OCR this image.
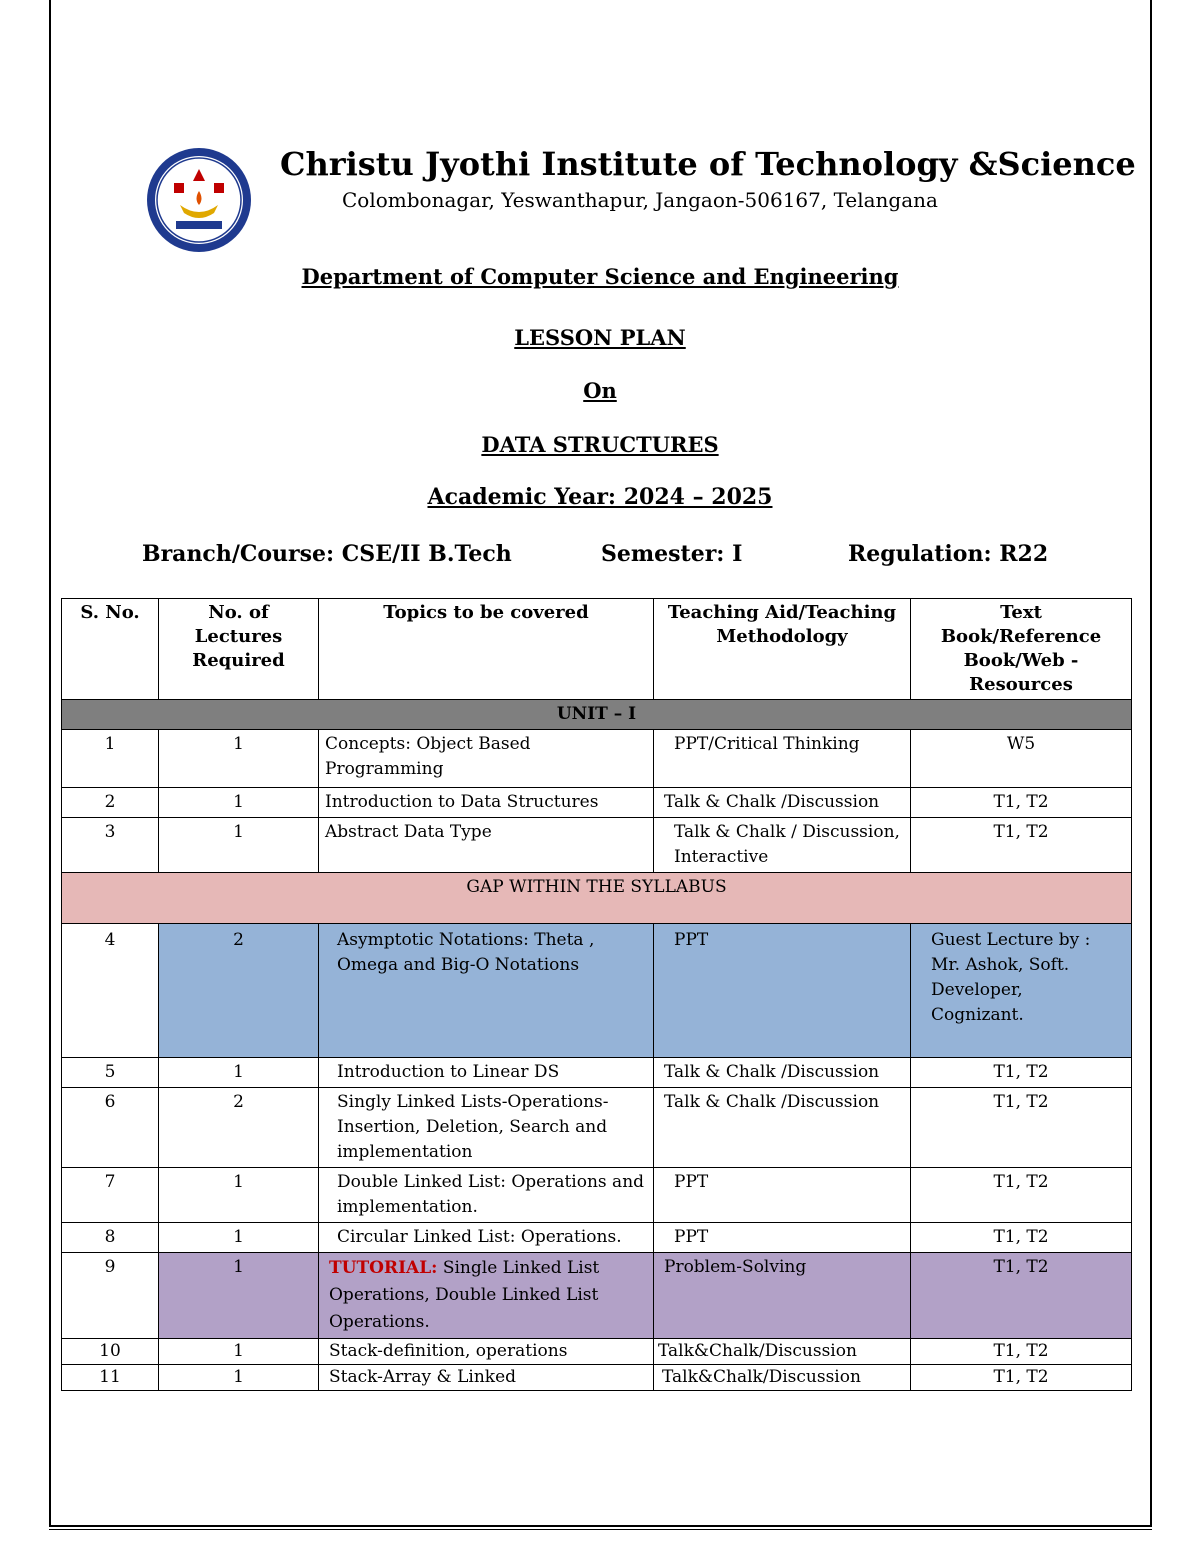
Christu Jyothi Institute of Technology &Science
Colombonagar, Yeswanthapur, Jangaon-506167, Telangana
Department of Computer Science and Engineering
LESSON PLAN
On
DATA STRUCTURES
Academic Year: 2024 – 2025
Branch/Course: CSE/II B.Tech	Semester: I	Regulation: R22
S. No.	No. of Lectures Required	Topics to be covered	Teaching Aid/Teaching Methodology	Text Book/Reference Book/Web - Resources
UNIT – I				
1	1	Concepts: Object Based Programming	PPT/Critical Thinking	W5
2	1	Introduction to Data Structures	Talk & Chalk /Discussion	T1, T2
3	1	Abstract Data Type	Talk & Chalk / Discussion, Interactive	T1, T2
GAP WITHIN THE SYLLABUS				
4	2	Asymptotic Notations: Theta , Omega and Big-O Notations	PPT	Guest Lecture by : Mr. Ashok, Soft. Developer, Cognizant.
5	1	Introduction to Linear DS	Talk & Chalk /Discussion	T1, T2
6	2	Singly Linked Lists-Operations-Insertion, Deletion, Search and implementation	Talk & Chalk /Discussion	T1, T2
7	1	Double Linked List: Operations and implementation.	PPT	T1, T2
8	1	Circular Linked List: Operations.	PPT	T1, T2
9	1	TUTORIAL: Single Linked List Operations, Double Linked List Operations.	Problem-Solving	T1, T2
10	1	Stack-definition, operations	Talk&Chalk/Discussion	T1, T2
11	1	Stack-Array & Linked	Talk&Chalk/Discussion	T1, T2
